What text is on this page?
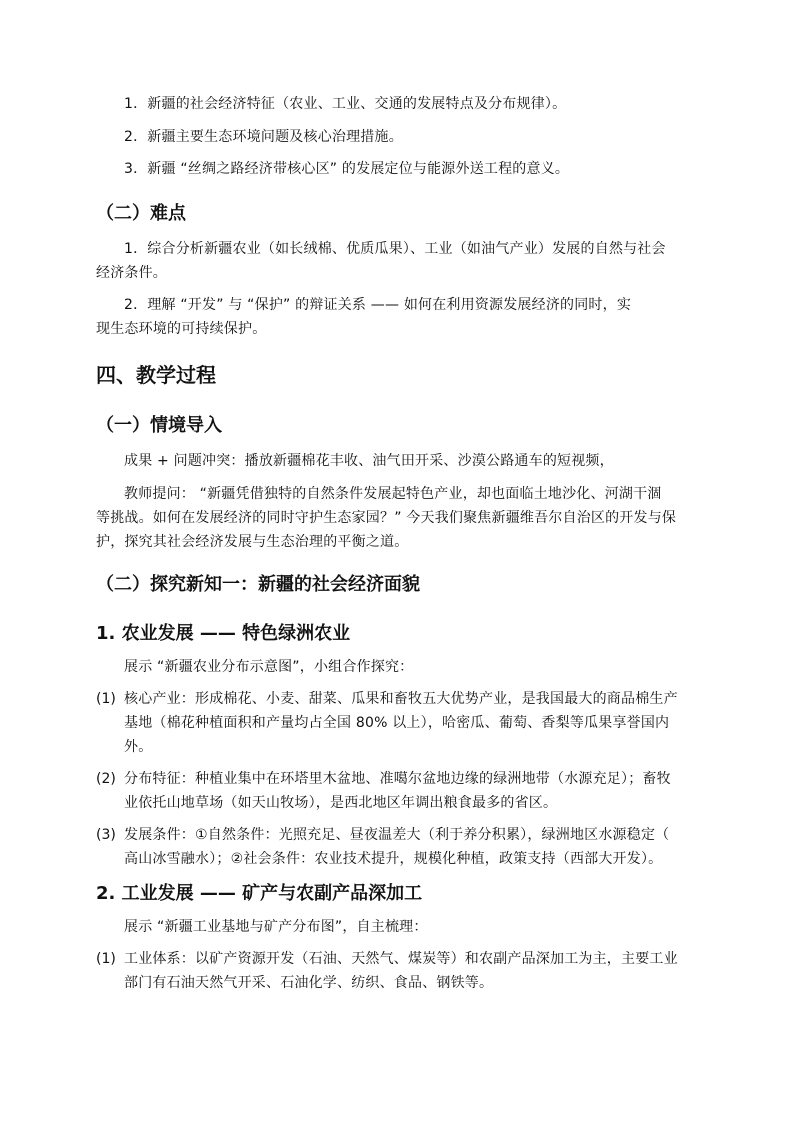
1．新疆的社会经济特征（农业、工业、交通的发展特点及分布规律）。
2．新疆主要生态环境问题及核心治理措施。
3．新疆 “丝绸之路经济带核心区” 的发展定位与能源外送工程的意义。
（二）难点
1．综合分析新疆农业（如长绒棉、优质瓜果）、工业（如油气产业）发展的自然与社会
经济条件。
2．理解 “开发” 与 “保护” 的辩证关系 —— 如何在利用资源发展经济的同时，实
现生态环境的可持续保护。
四、教学过程
（一）情境导入
成果 + 问题冲突：播放新疆棉花丰收、油气田开采、沙漠公路通车的短视频，
教师提问： “新疆凭借独特的自然条件发展起特色产业，却也面临土地沙化、河湖干涸
等挑战。如何在发展经济的同时守护生态家园？” 今天我们聚焦新疆维吾尔自治区的开发与保
护，探究其社会经济发展与生态治理的平衡之道。
（二）探究新知一：新疆的社会经济面貌
1. 农业发展 —— 特色绿洲农业
展示 “新疆农业分布示意图”，小组合作探究：
(1) 核心产业：形成棉花、小麦、甜菜、瓜果和畜牧五大优势产业，是我国最大的商品棉生产
基地（棉花种植面积和产量均占全国 80% 以上），哈密瓜、葡萄、香梨等瓜果享誉国内
外。
(2) 分布特征：种植业集中在环塔里木盆地、准噶尔盆地边缘的绿洲地带（水源充足）；畜牧
业依托山地草场（如天山牧场），是西北地区年调出粮食最多的省区。
(3) 发展条件：①自然条件：光照充足、昼夜温差大（利于养分积累），绿洲地区水源稳定（
高山冰雪融水）；②社会条件：农业技术提升，规模化种植，政策支持（西部大开发）。
2. 工业发展 —— 矿产与农副产品深加工
展示 “新疆工业基地与矿产分布图”，自主梳理：
(1) 工业体系：以矿产资源开发（石油、天然气、煤炭等）和农副产品深加工为主，主要工业
部门有石油天然气开采、石油化学、纺织、食品、钢铁等。
